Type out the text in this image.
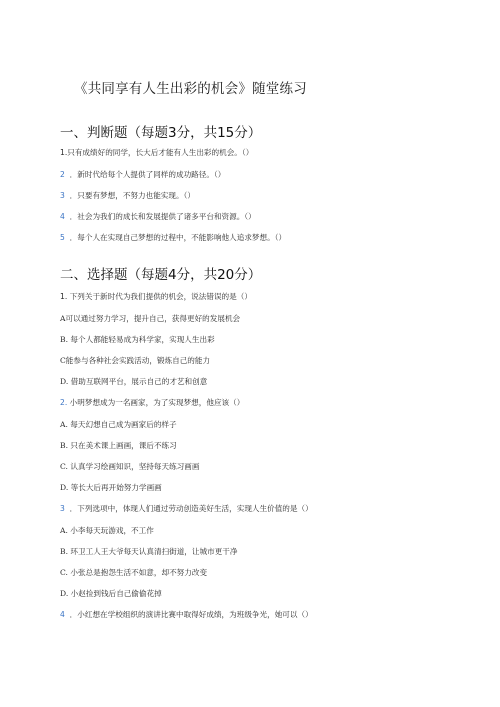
《共同享有人生出彩的机会》随堂练习
一、判断题（每题3分，共15分）
1.只有成绩好的同学，长大后才能有人生出彩的机会。（）
2 ．新时代给每个人提供了同样的成功路径。（）
3 ．只要有梦想，不努力也能实现。（）
4 ．社会为我们的成长和发展提供了诸多平台和资源。（）
5 ．每个人在实现自己梦想的过程中，不能影响他人追求梦想。（）
二、选择题（每题4分，共20分）
1. 下列关于新时代为我们提供的机会，说法错误的是（）
A可以通过努力学习，提升自己，获得更好的发展机会
B. 每个人都能轻易成为科学家，实现人生出彩
C能参与各种社会实践活动，锻炼自己的能力
D. 借助互联网平台，展示自己的才艺和创意
2. 小明梦想成为一名画家，为了实现梦想，他应该（）
A. 每天幻想自己成为画家后的样子
B. 只在美术课上画画，课后不练习
C. 认真学习绘画知识，坚持每天练习画画
D. 等长大后再开始努力学画画
3 ．下列选项中，体现人们通过劳动创造美好生活，实现人生价值的是（）
A. 小李每天玩游戏，不工作
B. 环卫工人王大爷每天认真清扫街道，让城市更干净
C. 小张总是抱怨生活不如意，却不努力改变
D. 小赵捡到钱后自己偷偷花掉
4 ．小红想在学校组织的演讲比赛中取得好成绩，为班级争光，她可以（）
